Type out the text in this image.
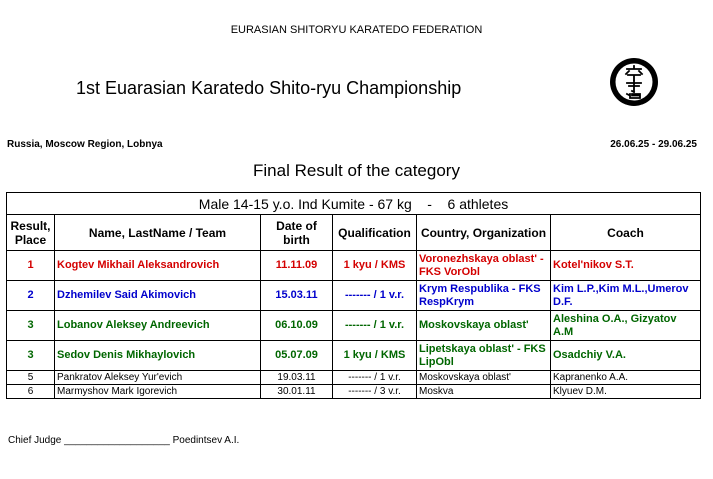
EURASIAN SHITORYU KARATEDO FEDERATION
1st Euarasian Karatedo Shito-ryu Championship
Russia, Moscow Region, Lobnya	26.06.25 - 29.06.25
Final Result of the category
Male 14-15 y.o. Ind Kumite - 67 kg    -    6 athletes					
Result, Place	Name, LastName / Team	Date of birth	Qualification	Country, Organization	Coach
1	Kogtev Mikhail Aleksandrovich	11.11.09	1 kyu / KMS	Voronezhskaya oblast' - FKS VorObl	Kotel'nikov S.T.
2	Dzhemilev Said Akimovich	15.03.11	------- / 1 v.r.	Krym Respublika - FKS RespKrym	Kim L.P.,Kim M.L.,Umerov D.F.
3	Lobanov Aleksey Andreevich	06.10.09	------- / 1 v.r.	Moskovskaya oblast'	Aleshina O.A., Gizyatov A.M
3	Sedov Denis Mikhaylovich	05.07.09	1 kyu / KMS	Lipetskaya oblast' - FKS LipObl	Osadchiy V.A.
5	Pankratov Aleksey Yur'evich	19.03.11	------- / 1 v.r.	Moskovskaya oblast'	Kapranenko A.A.
6	Marmyshov Mark Igorevich	30.01.11	------- / 3 v.r.	Moskva	Klyuev D.M.
Chief Judge ___________________ Poedintsev A.I.
